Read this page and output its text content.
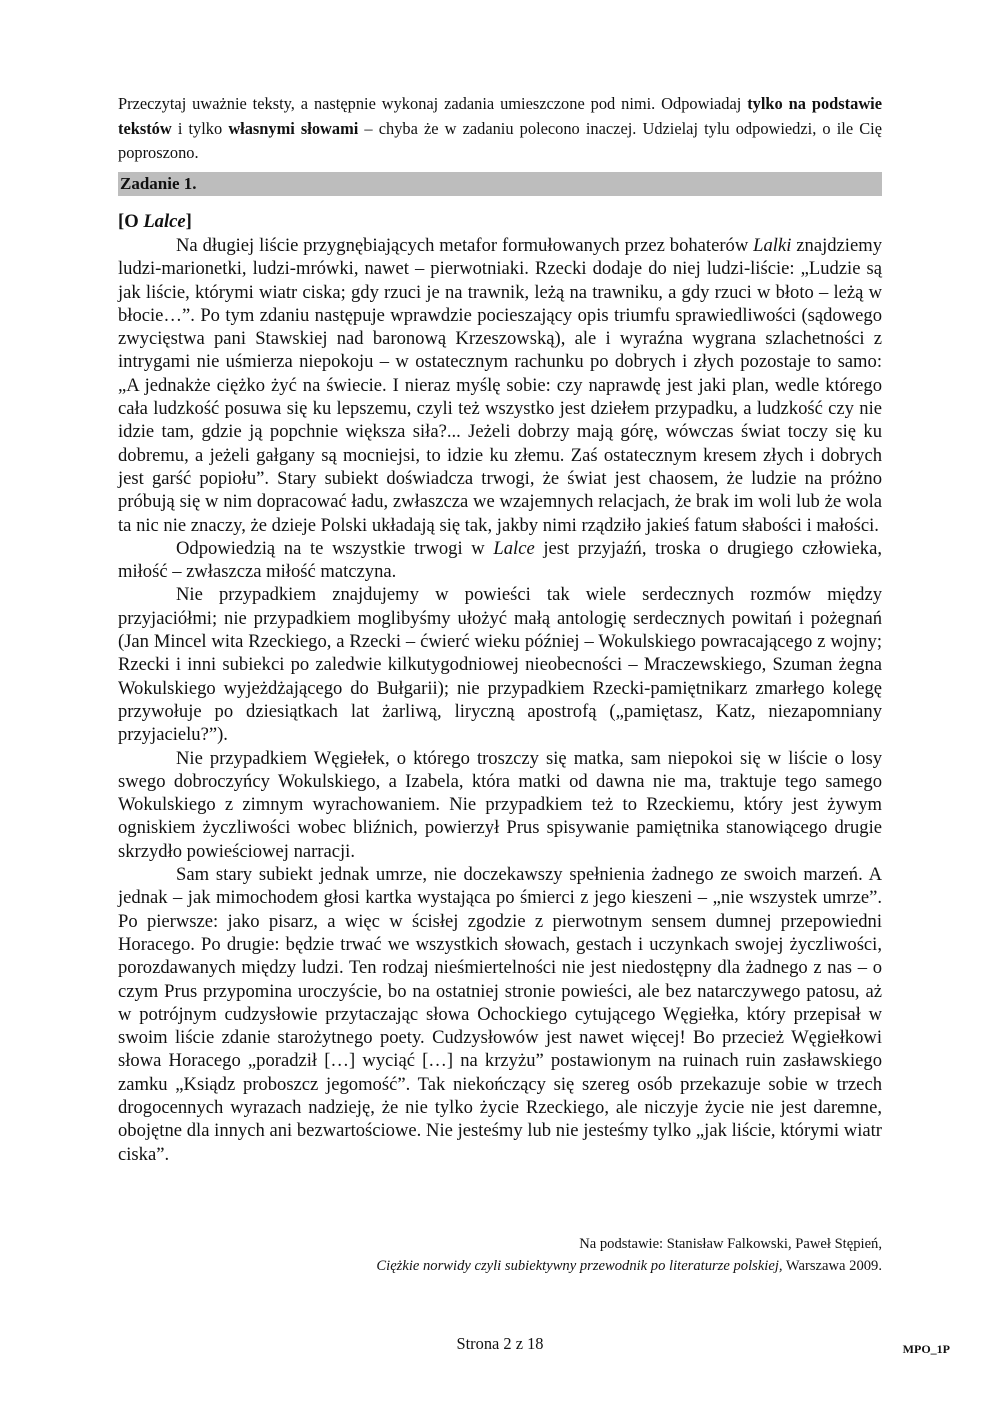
Przeczytaj uważnie teksty, a następnie wykonaj zadania umieszczone pod nimi. Odpowiadaj tylko na podstawie tekstów i tylko własnymi słowami – chyba że w zadaniu polecono inaczej. Udzielaj tylu odpowiedzi, o ile Cię poproszono.
Zadanie 1.
[O Lalce]

Na długiej liście przygnębiających metafor formułowanych przez bohaterów Lalki znajdziemy ludzi-marionetki, ludzi-mrówki, nawet – pierwotniaki. Rzecki dodaje do niej ludzi-liście: „Ludzie są jak liście, którymi wiatr ciska; gdy rzuci je na trawnik, leżą na trawniku, a gdy rzuci w błoto – leżą w błocie…”. Po tym zdaniu następuje wprawdzie pocieszający opis triumfu sprawiedliwości (sądowego zwycięstwa pani Stawskiej nad baronową Krzeszowską), ale i wyraźna wygrana szlachetności z intrygami nie uśmierza niepokoju – w ostatecznym rachunku po dobrych i złych pozostaje to samo: „A jednakże ciężko żyć na świecie. I nieraz myślę sobie: czy naprawdę jest jaki plan, wedle którego cała ludzkość posuwa się ku lepszemu, czyli też wszystko jest dziełem przypadku, a ludzkość czy nie idzie tam, gdzie ją popchnie większa siła?... Jeżeli dobrzy mają górę, wówczas świat toczy się ku dobremu, a jeżeli gałgany są mocniejsi, to idzie ku złemu. Zaś ostatecznym kresem złych i dobrych jest garść popiołu”. Stary subiekt doświadcza trwogi, że świat jest chaosem, że ludzie na próżno próbują się w nim dopracować ładu, zwłaszcza we wzajemnych relacjach, że brak im woli lub że wola ta nic nie znaczy, że dzieje Polski układają się tak, jakby nimi rządziło jakieś fatum słabości i małości.

Odpowiedzią na te wszystkie trwogi w Lalce jest przyjaźń, troska o drugiego człowieka, miłość – zwłaszcza miłość matczyna.

Nie przypadkiem znajdujemy w powieści tak wiele serdecznych rozmów między przyjaciółmi; nie przypadkiem moglibyśmy ułożyć małą antologię serdecznych powitań i pożegnań (Jan Mincel wita Rzeckiego, a Rzecki – ćwierć wieku później – Wokulskiego powracającego z wojny; Rzecki i inni subiekci po zaledwie kilkutygodniowej nieobecności – Mraczewskiego, Szuman żegna Wokulskiego wyjeżdżającego do Bułgarii); nie przypadkiem Rzecki-pamiętnikarz zmarłego kolegę przywołuje po dziesiątkach lat żarliwą, liryczną apostrofą („pamiętasz, Katz, niezapomniany przyjacielu?”).

Nie przypadkiem Węgiełek, o którego troszczy się matka, sam niepokoi się w liście o losy swego dobroczyńcy Wokulskiego, a Izabela, która matki od dawna nie ma, traktuje tego samego Wokulskiego z zimnym wyrachowaniem. Nie przypadkiem też to Rzeckiemu, który jest żywym ogniskiem życzliwości wobec bliźnich, powierzył Prus spisywanie pamiętnika stanowiącego drugie skrzydło powieściowej narracji.

Sam stary subiekt jednak umrze, nie doczekawszy spełnienia żadnego ze swoich marzeń. A jednak – jak mimochodem głosi kartka wystająca po śmierci z jego kieszeni – „nie wszystek umrze”. Po pierwsze: jako pisarz, a więc w ścisłej zgodzie z pierwotnym sensem dumnej przepowiedni Horacego. Po drugie: będzie trwać we wszystkich słowach, gestach i uczynkach swojej życzliwości, porozdawanych między ludzi. Ten rodzaj nieśmiertelności nie jest niedostępny dla żadnego z nas – o czym Prus przypomina uroczyście, bo na ostatniej stronie powieści, ale bez natarczywego patosu, aż w potrójnym cudzysłowie przytaczając słowa Ochockiego cytującego Węgiełka, który przepisał w swoim liście zdanie starożytnego poety. Cudzysłowów jest nawet więcej! Bo przecież Węgiełkowi słowa Horacego „poradził […] wyciąć […] na krzyżu” postawionym na ruinach ruin zasławskiego zamku „Ksiądz proboszcz jegomość”. Tak niekończący się szereg osób przekazuje sobie w trzech drogocennych wyrazach nadzieję, że nie tylko życie Rzeckiego, ale niczyje życie nie jest daremne, obojętne dla innych ani bezwartościowe. Nie jesteśmy lub nie jesteśmy tylko „jak liście, którymi wiatr ciska”.

Na podstawie: Stanisław Falkowski, Paweł Stępień,
Ciężkie norwidy czyli subiektywny przewodnik po literaturze polskiej, Warszawa 2009.
Strona 2 z 18	MPO_1P
